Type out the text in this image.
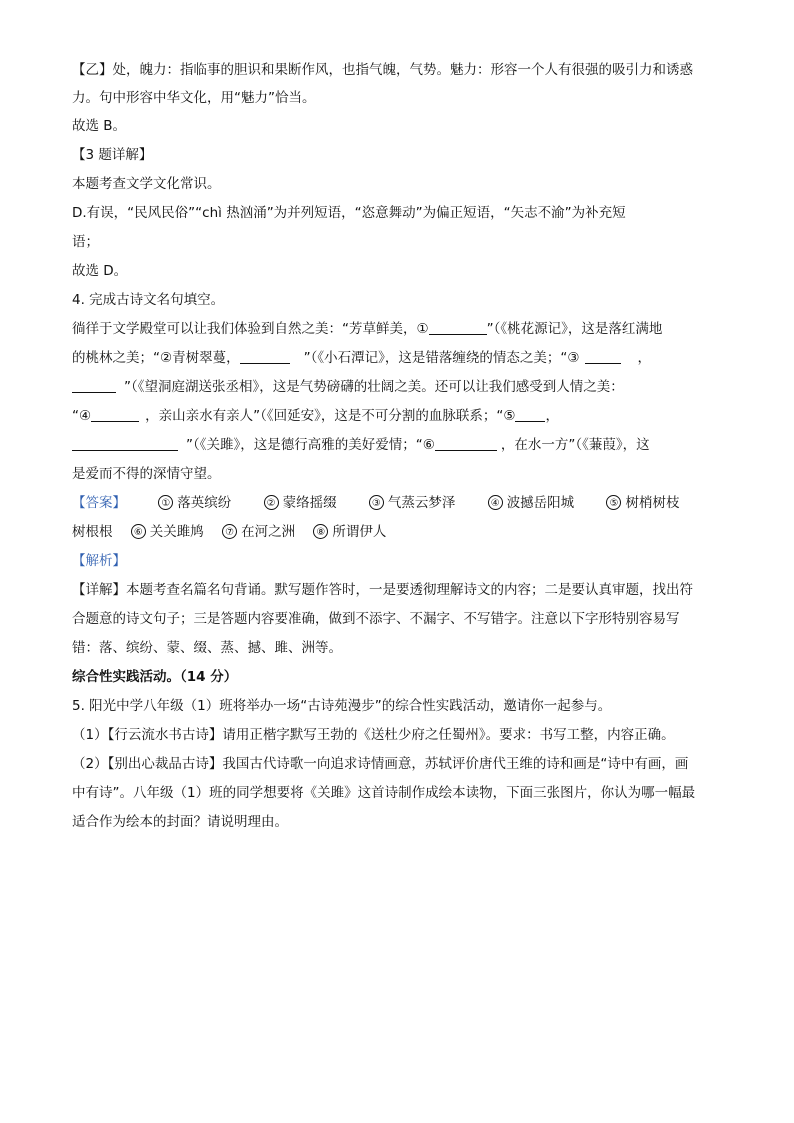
【乙】处，魄力：指临事的胆识和果断作风，也指气魄，气势。魅力：形容一个人有很强的吸引力和诱惑
力。句中形容中华文化，用“魅力”恰当。
故选 B。
【3 题详解】
本题考查文学文化常识。
D.有误，“民风民俗”“chì 热汹涌”为并列短语，“恣意舞动”为偏正短语，“矢志不渝”为补充短
语；
故选 D。
4. 完成古诗文名句填空。
徜徉于文学殿堂可以让我们体验到自然之美：“芳草鲜美，①	”（《桃花源记》，这是落红满地
的桃林之美；“②青树翠蔓，	”（《小石潭记》，这是错落缠绕的情态之美；“③	，
”（《望洞庭湖送张丞相》，这是气势磅礴的壮阔之美。还可以让我们感受到人情之美：
“④	，亲山亲水有亲人”（《回延安》，这是不可分割的血脉联系；“⑤ ，
”（《关雎》，这是德行高雅的美好爱情；“⑥	，在水一方”（《蒹葭》，这
是爱而不得的深情守望。
【答案】	① 落英缤纷	② 蒙络摇缀	③ 气蒸云梦泽	④ 波撼岳阳城	⑤ 树梢树枝
树根根 ⑥ 关关雎鸠 ⑦ 在河之洲 ⑧ 所谓伊人
【解析】
【详解】本题考查名篇名句背诵。默写题作答时，一是要透彻理解诗文的内容；二是要认真审题，找出符
合题意的诗文句子；三是答题内容要准确，做到不添字、不漏字、不写错字。注意以下字形特别容易写
错：落、缤纷、蒙、缀、蒸、撼、雎、洲等。
综合性实践活动。（14 分）
5. 阳光中学八年级（1）班将举办一场“古诗苑漫步”的综合性实践活动，邀请你一起参与。
（1）【行云流水书古诗】请用正楷字默写王勃的《送杜少府之任蜀州》。要求：书写工整，内容正确。
（2）【别出心裁品古诗】我国古代诗歌一向追求诗情画意，苏轼评价唐代王维的诗和画是“诗中有画，画
中有诗”。八年级（1）班的同学想要将《关雎》这首诗制作成绘本读物，下面三张图片，你认为哪一幅最
适合作为绘本的封面？请说明理由。
